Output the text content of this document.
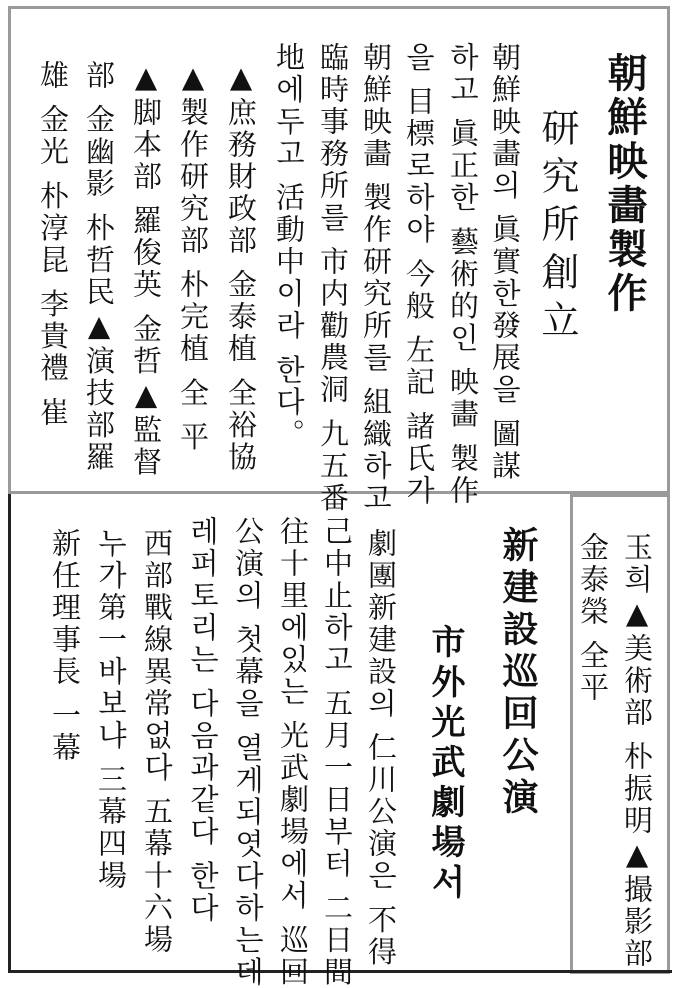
朝鮮映畵製作
研究所創立
朝鮮映畵의 眞實한發展을 圖謀
하고 眞正한 藝術的인 映畵 製作
을 目標로하야 今般 左記 諸氏가
朝鮮映畵 製作研究所를 組織하고
臨時事務所를 市内勸農洞 九五番
地에두고 活動中이라 한다。
▲庶務財政部 金泰植 全裕協
▲製作研究部 朴完植 全 平
▲脚本部 羅俊英 金哲▲監督
部 金幽影 朴哲民▲演技部羅
雄 金光 朴淳昆 李貴禮 崔
玉희▲美術部 朴振明▲撮影部
金泰榮 全平
新建設巡回公演
市外光武劇場서
劇團新建設의 仁川公演은 不得
己中止하고 五月一日부터 二日間
往十里에있는 光武劇場에서 巡回
公演의 첫幕을 열게되엿다하는데
레퍼토리는 다음과같다 한다
西部戰線異常없다 五幕十六場
누가第一바보냐 三幕四場
新任理事長 一幕
